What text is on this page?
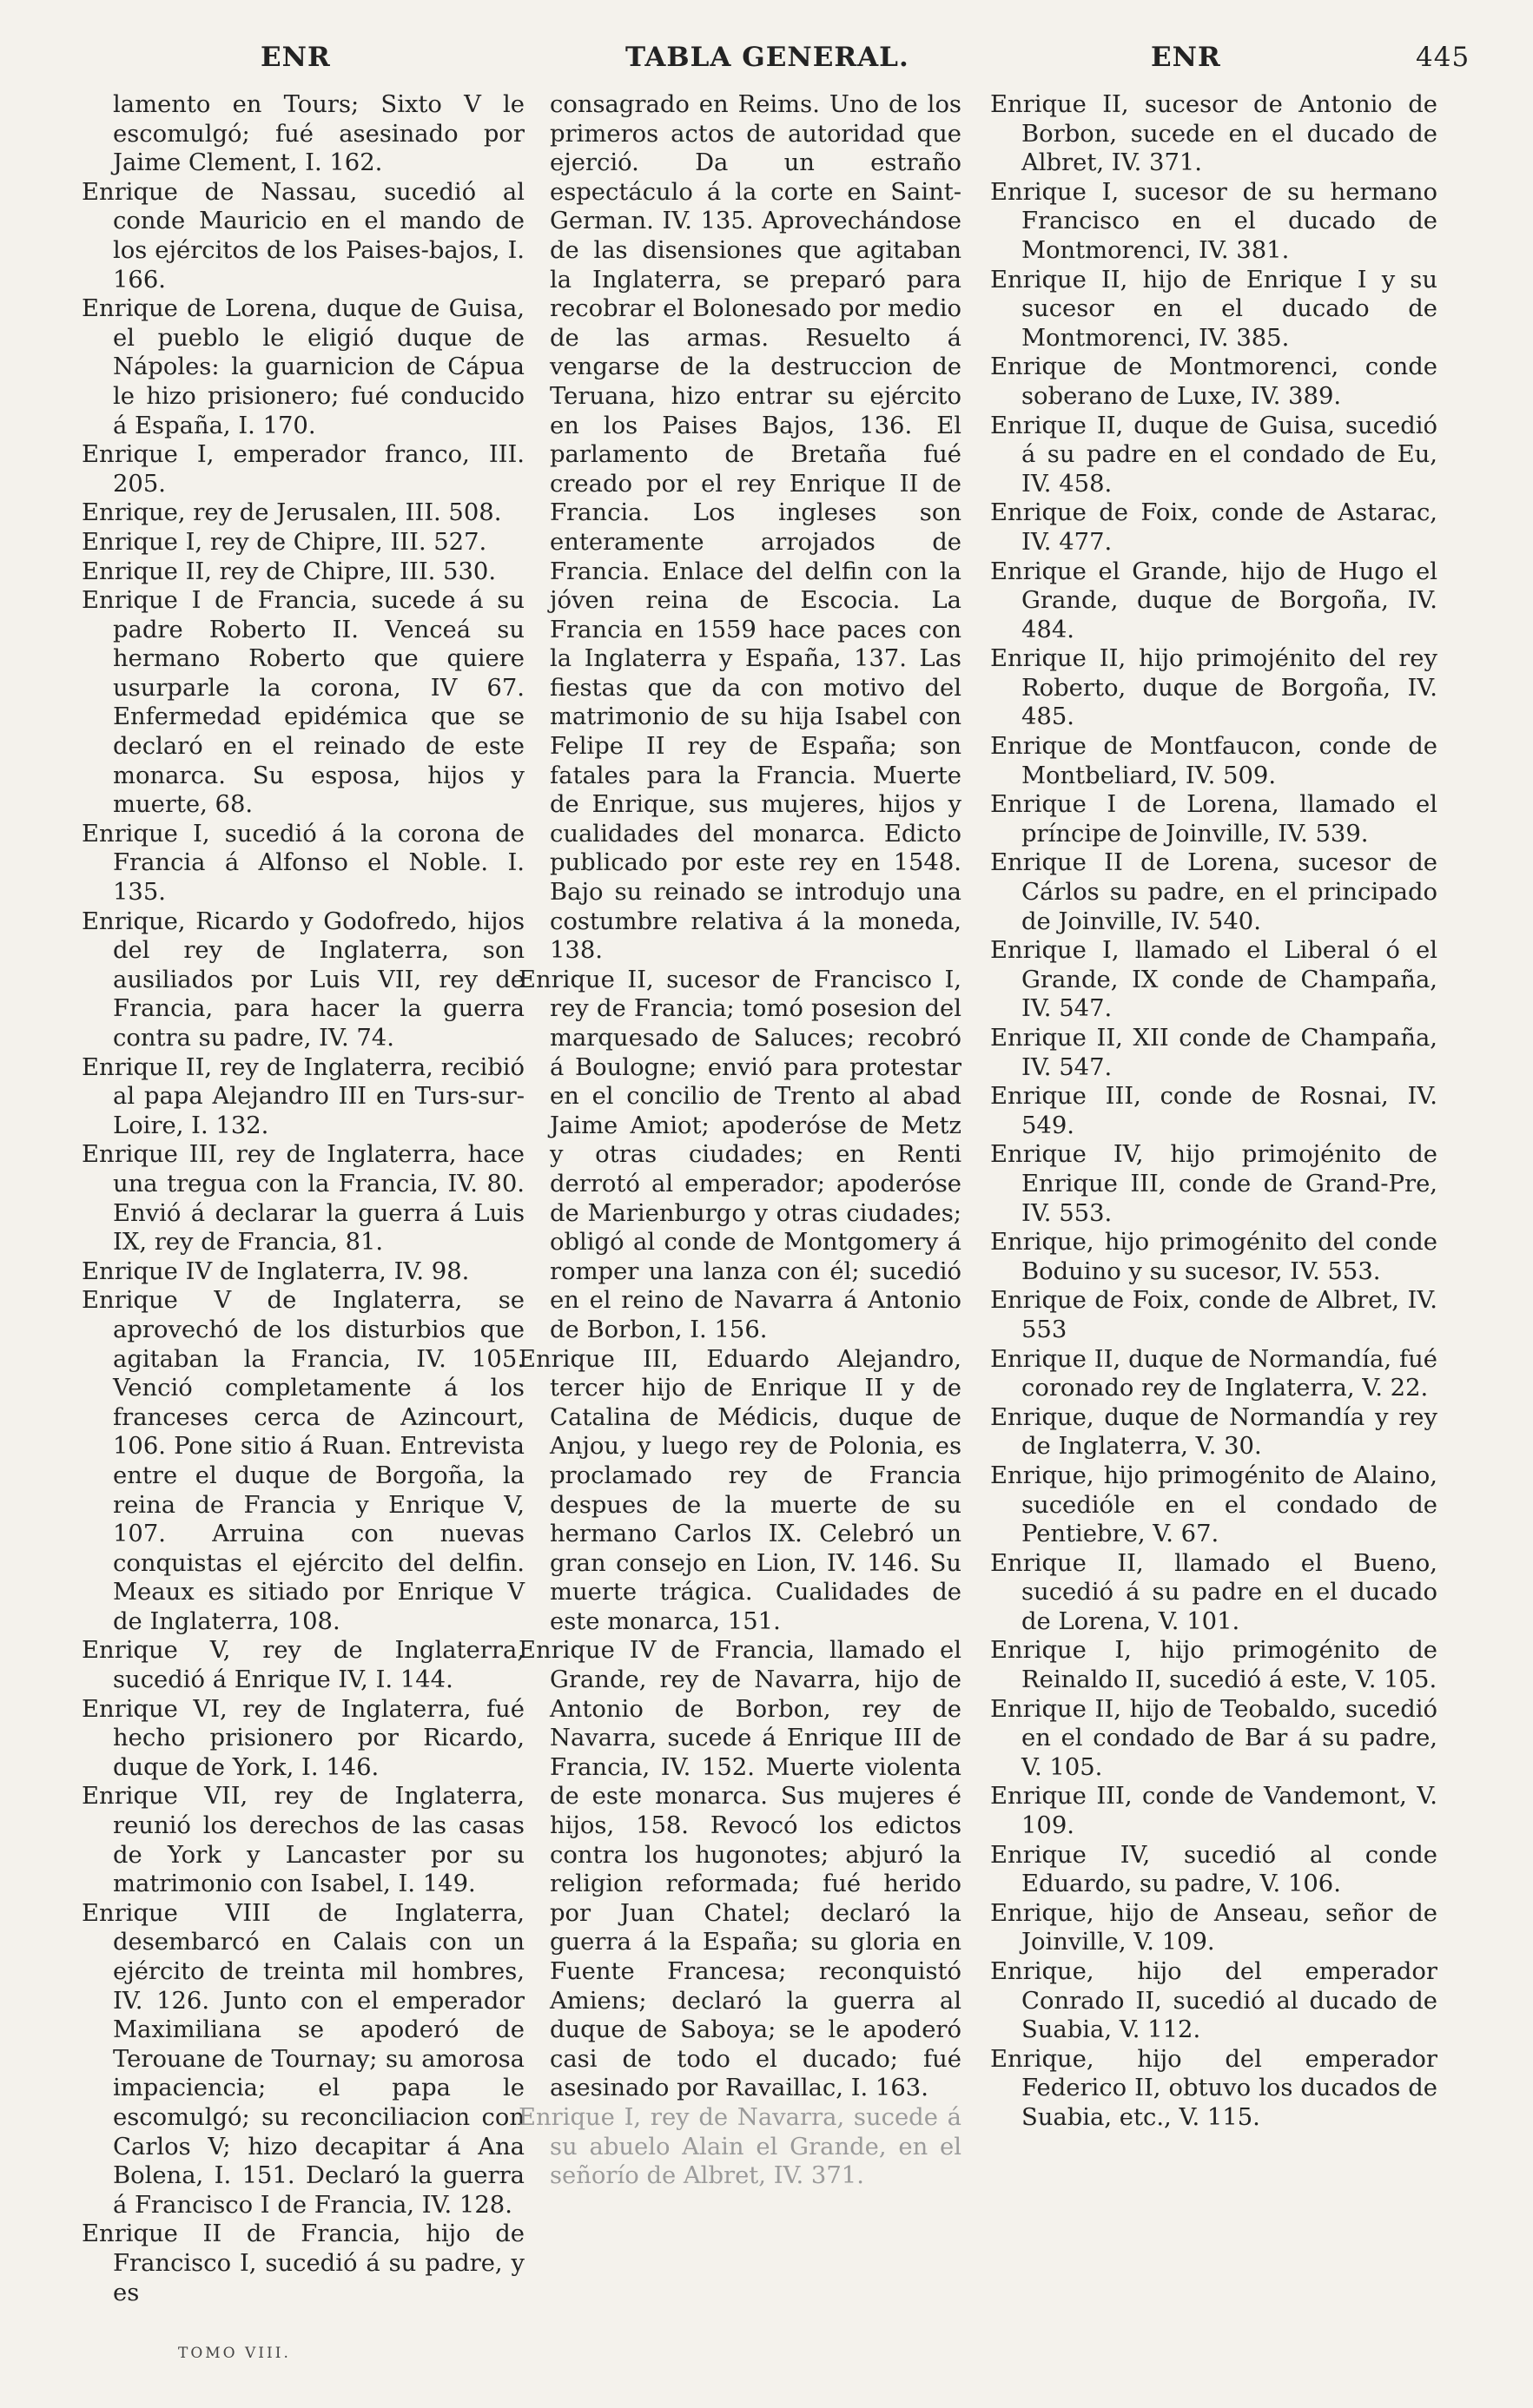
ENR	TABLA GENERAL.	ENR	445

lamento en Tours; Sixto V le escomulgó; fué asesinado por Jaime Clement, I. 162.

Enrique de Nassau, sucedió al conde Mauricio en el mando de los ejércitos de los Paises-bajos, I. 166.

Enrique de Lorena, duque de Guisa, el pueblo le eligió duque de Nápoles: la guarnicion de Cápua le hizo prisionero; fué conducido á España, I. 170.

Enrique I, emperador franco, III. 205.

Enrique, rey de Jerusalen, III. 508.

Enrique I, rey de Chipre, III. 527.

Enrique II, rey de Chipre, III. 530.

Enrique I de Francia, sucede á su padre Roberto II. Venceá su hermano Roberto que quiere usurparle la corona, IV 67. Enfermedad epidémica que se declaró en el reinado de este monarca. Su esposa, hijos y muerte, 68.

Enrique I, sucedió á la corona de Francia á Alfonso el Noble. I. 135.

Enrique, Ricardo y Godofredo, hijos del rey de Inglaterra, son ausiliados por Luis VII, rey de Francia, para hacer la guerra contra su padre, IV. 74.

Enrique II, rey de Inglaterra, recibió al papa Alejandro III en Turs-sur-Loire, I. 132.

Enrique III, rey de Inglaterra, hace una tregua con la Francia, IV. 80. Envió á declarar la guerra á Luis IX, rey de Francia, 81.

Enrique IV de Inglaterra, IV. 98.

Enrique V de Inglaterra, se aprovechó de los disturbios que agitaban la Francia, IV. 105. Venció completamente á los franceses cerca de Azincourt, 106. Pone sitio á Ruan. Entrevista entre el duque de Borgoña, la reina de Francia y Enrique V, 107. Arruina con nuevas conquistas el ejército del delfin. Meaux es sitiado por Enrique V de Inglaterra, 108.

Enrique V, rey de Inglaterra, sucedió á Enrique IV, I. 144.

Enrique VI, rey de Inglaterra, fué hecho prisionero por Ricardo, duque de York, I. 146.

Enrique VII, rey de Inglaterra, reunió los derechos de las casas de York y Lancaster por su matrimonio con Isabel, I. 149.

Enrique VIII de Inglaterra, desembarcó en Calais con un ejército de treinta mil hombres, IV. 126. Junto con el emperador Maximiliana se apoderó de Terouane de Tournay; su amorosa impaciencia; el papa le escomulgó; su reconciliacion con Carlos V; hizo decapitar á Ana Bolena, I. 151. Declaró la guerra á Francisco I de Francia, IV. 128.

Enrique II de Francia, hijo de Francisco I, sucedió á su padre, y es

consagrado en Reims. Uno de los primeros actos de autoridad que ejerció. Da un estraño espectáculo á la corte en Saint-German. IV. 135. Aprovechándose de las disensiones que agitaban la Inglaterra, se preparó para recobrar el Bolonesado por medio de las armas. Resuelto á vengarse de la destruccion de Teruana, hizo entrar su ejército en los Paises Bajos, 136. El parlamento de Bretaña fué creado por el rey Enrique II de Francia. Los ingleses son enteramente arrojados de Francia. Enlace del delfin con la jóven reina de Escocia. La Francia en 1559 hace paces con la Inglaterra y España, 137. Las fiestas que da con motivo del matrimonio de su hija Isabel con Felipe II rey de España; son fatales para la Francia. Muerte de Enrique, sus mujeres, hijos y cualidades del monarca. Edicto publicado por este rey en 1548. Bajo su reinado se introdujo una costumbre relativa á la moneda, 138.

Enrique II, sucesor de Francisco I, rey de Francia; tomó posesion del marquesado de Saluces; recobró á Boulogne; envió para protestar en el concilio de Trento al abad Jaime Amiot; apoderóse de Metz y otras ciudades; en Renti derrotó al emperador; apoderóse de Marienburgo y otras ciudades; obligó al conde de Montgomery á romper una lanza con él; sucedió en el reino de Navarra á Antonio de Borbon, I. 156.

Enrique III, Eduardo Alejandro, tercer hijo de Enrique II y de Catalina de Médicis, duque de Anjou, y luego rey de Polonia, es proclamado rey de Francia despues de la muerte de su hermano Carlos IX. Celebró un gran consejo en Lion, IV. 146. Su muerte trágica. Cualidades de este monarca, 151.

Enrique IV de Francia, llamado el Grande, rey de Navarra, hijo de Antonio de Borbon, rey de Navarra, sucede á Enrique III de Francia, IV. 152. Muerte violenta de este monarca. Sus mujeres é hijos, 158. Revocó los edictos contra los hugonotes; abjuró la religion reformada; fué herido por Juan Chatel; declaró la guerra á la España; su gloria en Fuente Francesa; reconquistó Amiens; declaró la guerra al duque de Saboya; se le apoderó casi de todo el ducado; fué asesinado por Ravaillac, I. 163.

Enrique I, rey de Navarra, sucede á su abuelo Alain el Grande, en el señorío de Albret, IV. 371.

Enrique II, sucesor de Antonio de Borbon, sucede en el ducado de Albret, IV. 371.

Enrique I, sucesor de su hermano Francisco en el ducado de Montmorenci, IV. 381.

Enrique II, hijo de Enrique I y su sucesor en el ducado de Montmorenci, IV. 385.

Enrique de Montmorenci, conde soberano de Luxe, IV. 389.

Enrique II, duque de Guisa, sucedió á su padre en el condado de Eu, IV. 458.

Enrique de Foix, conde de Astarac, IV. 477.

Enrique el Grande, hijo de Hugo el Grande, duque de Borgoña, IV. 484.

Enrique II, hijo primojénito del rey Roberto, duque de Borgoña, IV. 485.

Enrique de Montfaucon, conde de Montbeliard, IV. 509.

Enrique I de Lorena, llamado el príncipe de Joinville, IV. 539.

Enrique II de Lorena, sucesor de Cárlos su padre, en el principado de Joinville, IV. 540.

Enrique I, llamado el Liberal ó el Grande, IX conde de Champaña, IV. 547.

Enrique II, XII conde de Champaña, IV. 547.

Enrique III, conde de Rosnai, IV. 549.

Enrique IV, hijo primojénito de Enrique III, conde de Grand-Pre, IV. 553.

Enrique, hijo primogénito del conde Boduino y su sucesor, IV. 553.

Enrique de Foix, conde de Albret, IV. 553

Enrique II, duque de Normandía, fué coronado rey de Inglaterra, V. 22.

Enrique, duque de Normandía y rey de Inglaterra, V. 30.

Enrique, hijo primogénito de Alaino, sucedióle en el condado de Pentiebre, V. 67.

Enrique II, llamado el Bueno, sucedió á su padre en el ducado de Lorena, V. 101.

Enrique I, hijo primogénito de Reinaldo II, sucedió á este, V. 105.

Enrique II, hijo de Teobaldo, sucedió en el condado de Bar á su padre, V. 105.

Enrique III, conde de Vandemont, V. 109.

Enrique IV, sucedió al conde Eduardo, su padre, V. 106.

Enrique, hijo de Anseau, señor de Joinville, V. 109.

Enrique, hijo del emperador Conrado II, sucedió al ducado de Suabia, V. 112.

Enrique, hijo del emperador Federico II, obtuvo los ducados de Suabia, etc., V. 115.

TOMO VIII.
